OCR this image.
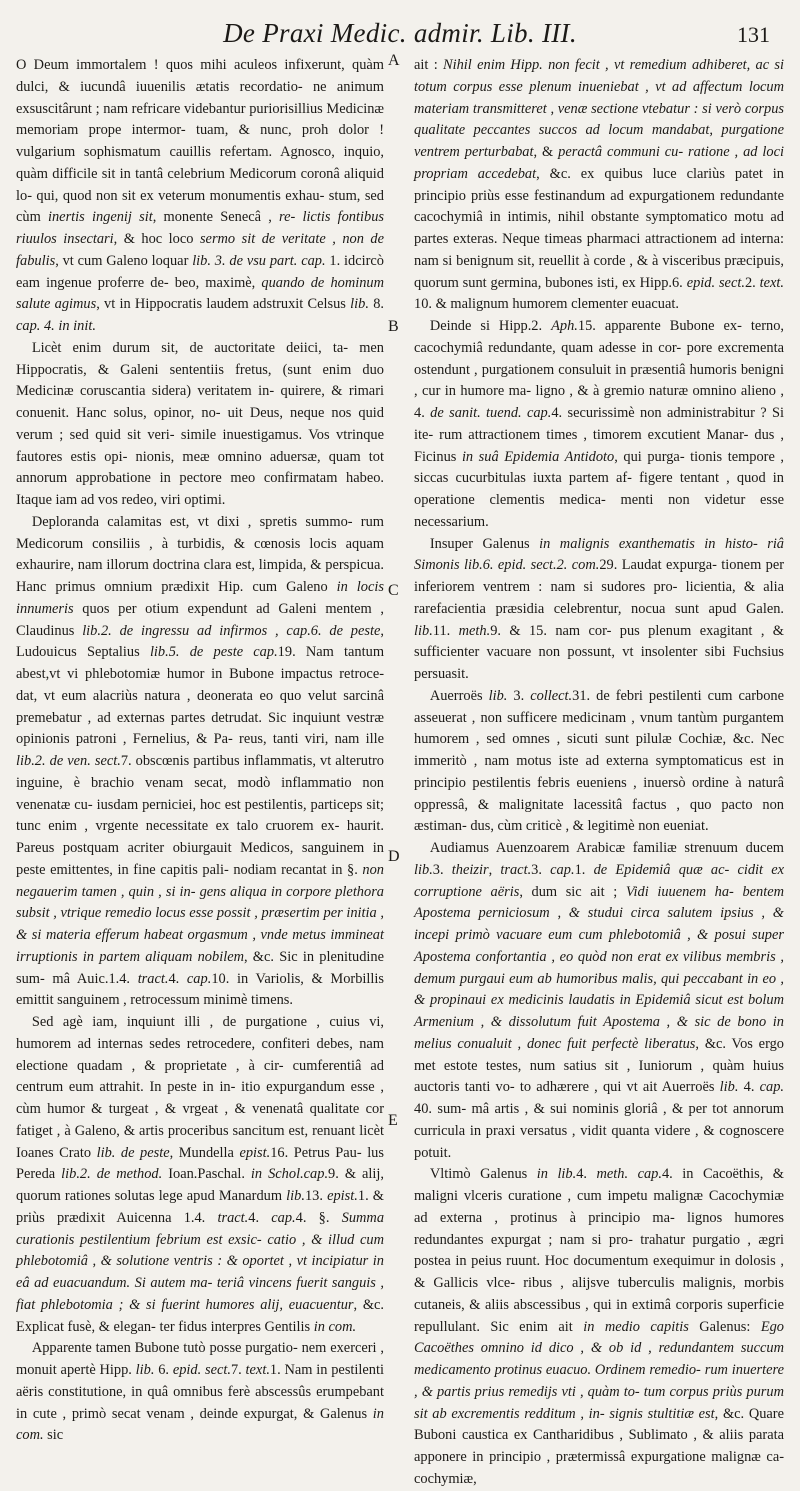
De Praxi Medic. admir. Lib. III.	131

O Deum immortalem ! quos mihi aculeos infixerunt, quàm dulci, & iucundâ iuuenilis ætatis recordatio- ne animum exsuscitârunt ; nam refricare videbantur puriorisillius Medicinæ memoriam prope intermor- tuam, & nunc, proh dolor ! vulgarium sophismatum cauillis refertam. Agnosco, inquio, quàm difficile sit in tantâ celebrium Medicorum coronâ aliquid lo- qui, quod non sit ex veterum monumentis exhau- stum, sed cùm inertis ingenij sit, monente Senecâ , re- lictis fontibus riuulos insectari, & hoc loco sermo sit de veritate , non de fabulis, vt cum Galeno loquar lib. 3. de vsu part. cap. 1. idcircò eam ingenue proferre de- beo, maximè, quando de hominum salute agimus, vt in Hippocratis laudem adstruxit Celsus lib. 8. cap. 4. in init.

Licèt enim durum sit, de auctoritate deiici, ta- men Hippocratis, & Galeni sententiis fretus, (sunt enim duo Medicinæ coruscantia sidera) veritatem in- quirere, & rimari conuenit. Hanc solus, opinor, no- uit Deus, neque nos quid verum ; sed quid sit veri- simile inuestigamus. Vos vtrinque fautores estis opi- nionis, meæ omnino aduersæ, quam tot annorum approbatione in pectore meo confirmatam habeo. Itaque iam ad vos redeo, viri optimi.

Deploranda calamitas est, vt dixi , spretis summo- rum Medicorum consiliis , à turbidis, & cœnosis locis aquam exhaurire, nam illorum doctrina clara est, limpida, & perspicua. Hanc primus omnium prædixit Hip. cum Galeno in locis innumeris quos per otium expendunt ad Galeni mentem , Claudinus lib.2. de ingressu ad infirmos , cap.6. de peste, Ludouicus Septalius lib.5. de peste cap.19. Nam tantum abest,vt vi phlebotomiæ humor in Bubone impactus retroce- dat, vt eum alacriùs natura , deonerata eo quo velut sarcinâ premebatur , ad externas partes detrudat. Sic inquiunt vestræ opinionis patroni , Fernelius, & Pa- reus, tanti viri, nam ille lib.2. de ven. sect.7. obscœnis partibus inflammatis, vt alterutro inguine, è brachio venam secat, modò inflammatio non venenatæ cu- iusdam perniciei, hoc est pestilentis, particeps sit; tunc enim , vrgente necessitate ex talo cruorem ex- haurit. Pareus postquam acriter obiurgauit Medicos, sanguinem in peste emittentes, in fine capitis pali- nodiam recantat in §. non negauerim tamen , quin , si in- gens aliqua in corpore plethora subsit , vtrique remedio locus esse possit , præsertim per initia , & si materia efferum habeat orgasmum , vnde metus immineat irruptionis in partem aliquam nobilem, &c. Sic in plenitudine sum- mâ Auic.1.4. tract.4. cap.10. in Variolis, & Morbillis emittit sanguinem , retrocessum minimè timens.

Sed agè iam, inquiunt illi , de purgatione , cuius vi, humorem ad internas sedes retrocedere, confiteri debes, nam electione quadam , & proprietate , à cir- cumferentiâ ad centrum eum attrahit. In peste in in- itio expurgandum esse , cùm humor & turgeat , & vrgeat , & venenatâ qualitate cor fatiget , à Galeno, & artis proceribus sancitum est, renuant licèt Ioanes Crato lib. de peste, Mundella epist.16. Petrus Pau- lus Pereda lib.2. de method. Ioan.Paschal. in Schol.cap.9. & alij, quorum rationes solutas lege apud Manardum lib.13. epist.1. & priùs prædixit Auicenna 1.4. tract.4. cap.4. §. Summa curationis pestilentium febrium est exsic- catio , & illud cum phlebotomiâ , & solutione ventris : & oportet , vt incipiatur in eâ ad euacuandum. Si autem ma- teriâ vincens fuerit sanguis , fiat phlebotomia ; & si fuerint humores alij, euacuentur, &c. Explicat fusè, & elegan- ter fidus interpres Gentilis in com.

Apparente tamen Bubone tutò posse purgatio- nem exerceri , monuit apertè Hipp. lib. 6. epid. sect.7. text.1. Nam in pestilenti aëris constitutione, in quâ omnibus ferè abscessûs erumpebant in cute , primò secat venam , deinde expurgat, & Galenus in com. sic

ait : Nihil enim Hipp. non fecit , vt remedium adhiberet, ac si totum corpus esse plenum inueniebat , vt ad affectum locum materiam transmitteret , venæ sectione vtebatur : si verò corpus qualitate peccantes succos ad locum mandabat, purgatione ventrem perturbabat, & peractâ communi cu- ratione , ad loci propriam accedebat, &c. ex quibus luce clariùs patet in principio priùs esse festinandum ad expurgationem redundante cacochymiâ in intimis, nihil obstante symptomatico motu ad partes exteras. Neque timeas pharmaci attractionem ad interna: nam si benignum sit, reuellit à corde , & à visceribus præcipuis, quorum sunt germina, bubones isti, ex Hipp.6. epid. sect.2. text. 10. & malignum humorem clementer euacuat.

Deinde si Hipp.2. Aph.15. apparente Bubone ex- terno, cacochymiâ redundante, quam adesse in cor- pore excrementa ostendunt , purgationem consuluit in præsentiâ humoris benigni , cur in humore ma- ligno , & à gremio naturæ omnino alieno , 4. de sanit. tuend. cap.4. securissimè non administrabitur ? Si ite- rum attractionem times , timorem excutient Manar- dus , Ficinus in suâ Epidemia Antidoto, qui purga- tionis tempore , siccas cucurbitulas iuxta partem af- figere tentant , quod in operatione clementis medica- menti non videtur esse necessarium.

Insuper Galenus in malignis exanthematis in histo- riâ Simonis lib.6. epid. sect.2. com.29. Laudat expurga- tionem per inferiorem ventrem : nam si sudores pro- licientia, & alia rarefacientia præsidia celebrentur, nocua sunt apud Galen. lib.11. meth.9. & 15. nam cor- pus plenum exagitant , & sufficienter vacuare non possunt, vt insolenter sibi Fuchsius persuasit.

Auerroës lib. 3. collect.31. de febri pestilenti cum carbone asseuerat , non sufficere medicinam , vnum tantùm purgantem humorem , sed omnes , sicuti sunt pilulæ Cochiæ, &c. Nec immeritò , nam motus iste ad externa symptomaticus est in principio pestilentis febris eueniens , inuersò ordine à naturâ oppressâ, & malignitate lacessitâ factus , quo pacto non æstiman- dus, cùm criticè , & legitimè non eueniat.

Audiamus Auenzoarem Arabicæ familiæ strenuum ducem lib.3. theizir, tract.3. cap.1. de Epidemiâ quæ ac- cidit ex corruptione aëris, dum sic ait ; Vidi iuuenem ha- bentem Apostema perniciosum , & studui circa salutem ipsius , & incepi primò vacuare eum cum phlebotomiâ , & posui super Apostema confortantia , eo quòd non erat ex vilibus membris , demum purgaui eum ab humoribus malis, qui peccabant in eo , & propinaui ex medicinis laudatis in Epidemiâ sicut est bolum Armenium , & dissolutum fuit Apostema , & sic de bono in melius conualuit , donec fuit perfectè liberatus, &c. Vos ergo met estote testes, num satius sit , Iuniorum , quàm huius auctoris tanti vo- to adhærere , qui vt ait Auerroës lib. 4. cap. 40. sum- mâ artis , & sui nominis gloriâ , & per tot annorum curricula in praxi versatus , vidit quanta videre , & cognoscere potuit.

Vltimò Galenus in lib.4. meth. cap.4. in Cacoëthis, & maligni vlceris curatione , cum impetu malignæ Cacochymiæ ad externa , protinus à principio ma- lignos humores redundantes expurgat ; nam si pro- trahatur purgatio , ægri postea in peius ruunt. Hoc documentum exequimur in dolosis , & Gallicis vlce- ribus , alijsve tuberculis malignis, morbis cutaneis, & aliis abscessibus , qui in extimâ corporis superficie repullulant. Sic enim ait in medio capitis Galenus: Ego Cacoëthes omnino id dico , & ob id , redundantem succum medicamento protinus euacuo. Ordinem remedio- rum inuertere , & partis prius remedijs vti , quàm to- tum corpus priùs purum sit ab excrementis redditum , in- signis stultitiæ est, &c. Quare Buboni caustica ex Cantharidibus , Sublimato , & aliis parata apponere in principio , prætermissâ expurgatione malignæ ca- cochymiæ,

A
B
C
D
E
